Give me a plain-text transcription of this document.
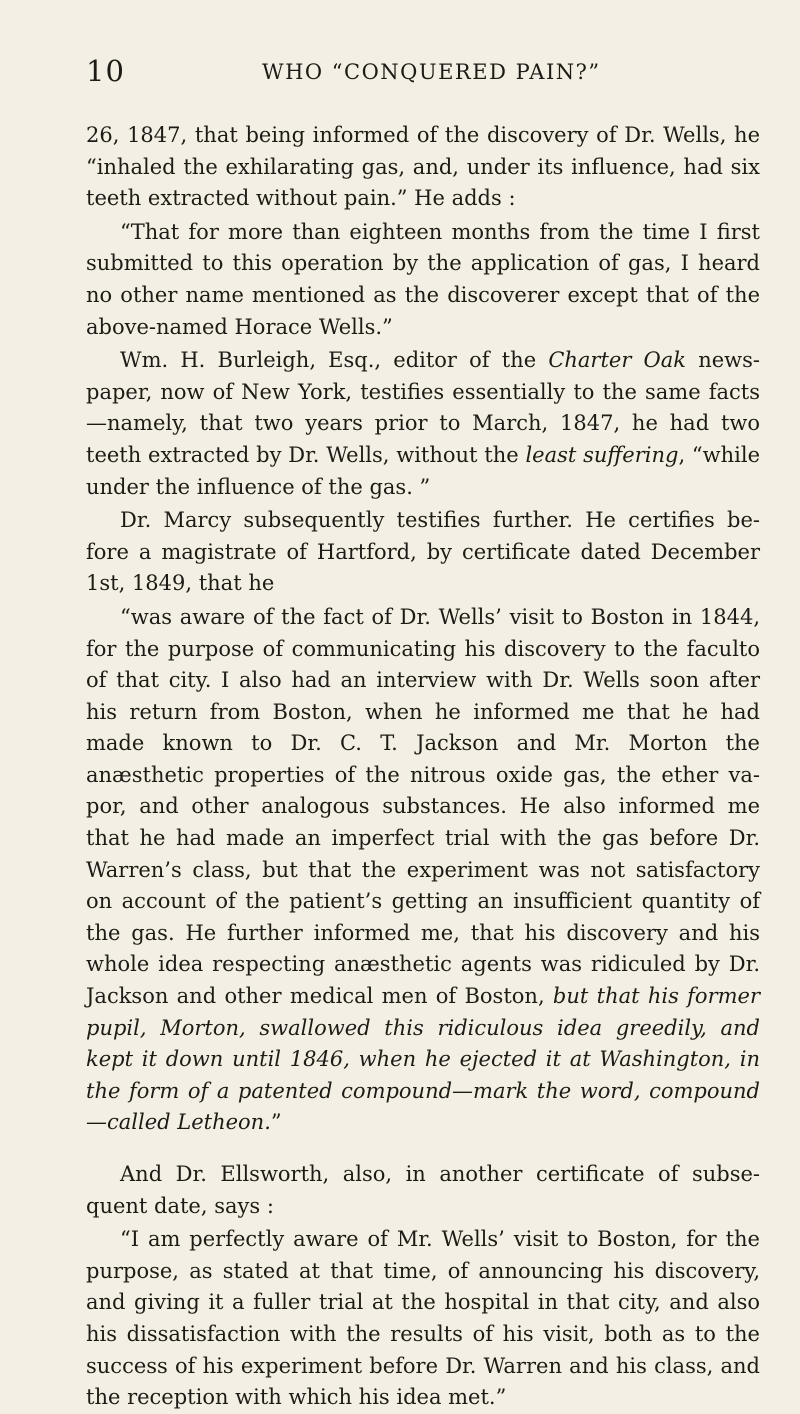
10	WHO “CONQUERED PAIN?”

26, 1847, that being informed of the discovery of Dr. Wells, he “inhaled the exhilarating gas, and, under its influence, had six teeth extracted without pain.” He adds :

“That for more than eighteen months from the time I first submitted to this operation by the application of gas, I heard no other name mentioned as the discoverer except that of the above-named Horace Wells.”

Wm. H. Burleigh, Esq., editor of the Charter Oak news-paper, now of New York, testifies essentially to the same facts —namely, that two years prior to March, 1847, he had two teeth extracted by Dr. Wells, without the least suffering, “while under the influence of the gas. ”

Dr. Marcy subsequently testifies further. He certifies be-fore a magistrate of Hartford, by certificate dated December 1st, 1849, that he

“was aware of the fact of Dr. Wells’ visit to Boston in 1844, for the purpose of communicating his discovery to the faculto of that city. I also had an interview with Dr. Wells soon after his return from Boston, when he informed me that he had made known to Dr. C. T. Jackson and Mr. Morton the anæsthetic properties of the nitrous oxide gas, the ether va-por, and other analogous substances. He also informed me that he had made an imperfect trial with the gas before Dr. Warren’s class, but that the experiment was not satisfactory on account of the patient’s getting an insufficient quantity of the gas. He further informed me, that his discovery and his whole idea respecting anæsthetic agents was ridiculed by Dr. Jackson and other medical men of Boston, but that his former pupil, Morton, swallowed this ridiculous idea greedily, and kept it down until 1846, when he ejected it at Washington, in the form of a patented compound—mark the word, compound —called Letheon.”

And Dr. Ellsworth, also, in another certificate of subse-quent date, says :

“I am perfectly aware of Mr. Wells’ visit to Boston, for the purpose, as stated at that time, of announcing his discovery, and giving it a fuller trial at the hospital in that city, and also his dissatisfaction with the results of his visit, both as to the success of his experiment before Dr. Warren and his class, and the reception with which his idea met.”
